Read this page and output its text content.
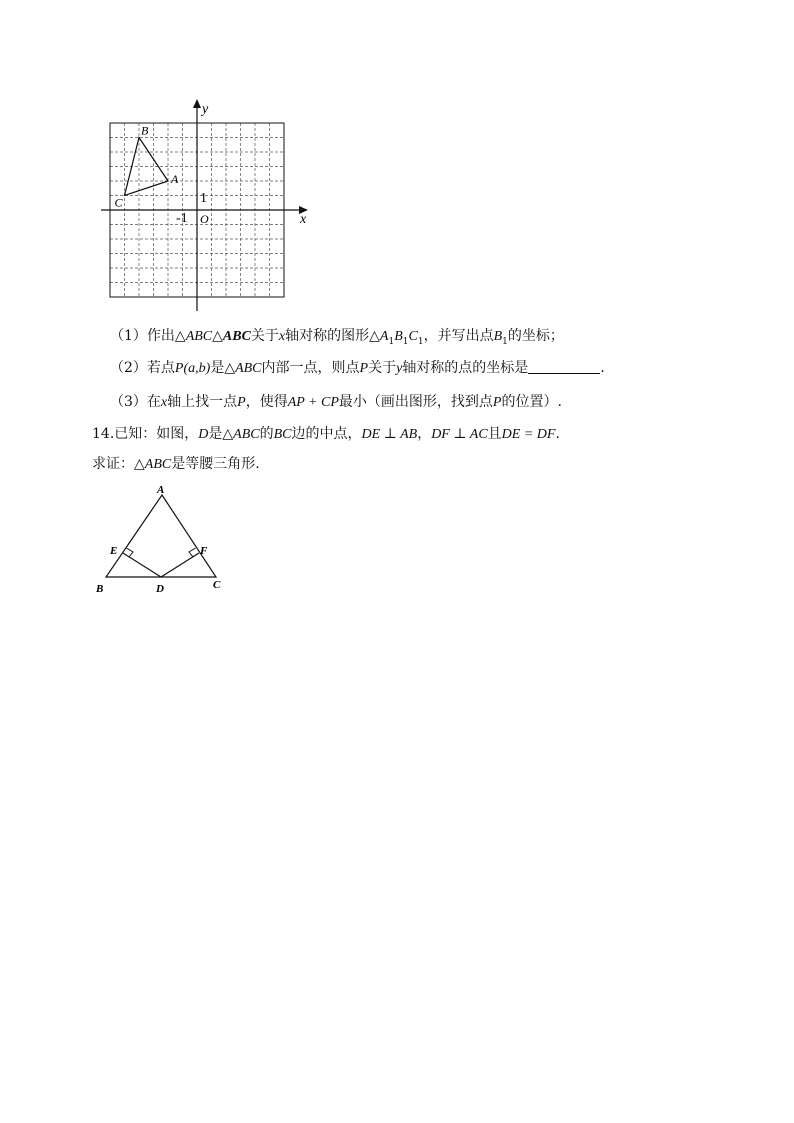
y
x
O
1
-1
A
B
C
（1）作出△ABC△ABC关于x轴对称的图形$\triangle A_1B_1C_1$，并写出点$B_1$的坐标；
（2）若点P(a,b)是△ABC内部一点，则点P关于y轴对称的点的坐标是	.
（3）在x轴上找一点P，使得AP + CP最小（画出图形，找到点P的位置）.
14.已知：如图，D是△ABC的BC边的中点，DE ⊥ AB，DF ⊥ AC且DE = DF.
求证：△ABC是等腰三角形.
A
B	C
D
E	F
